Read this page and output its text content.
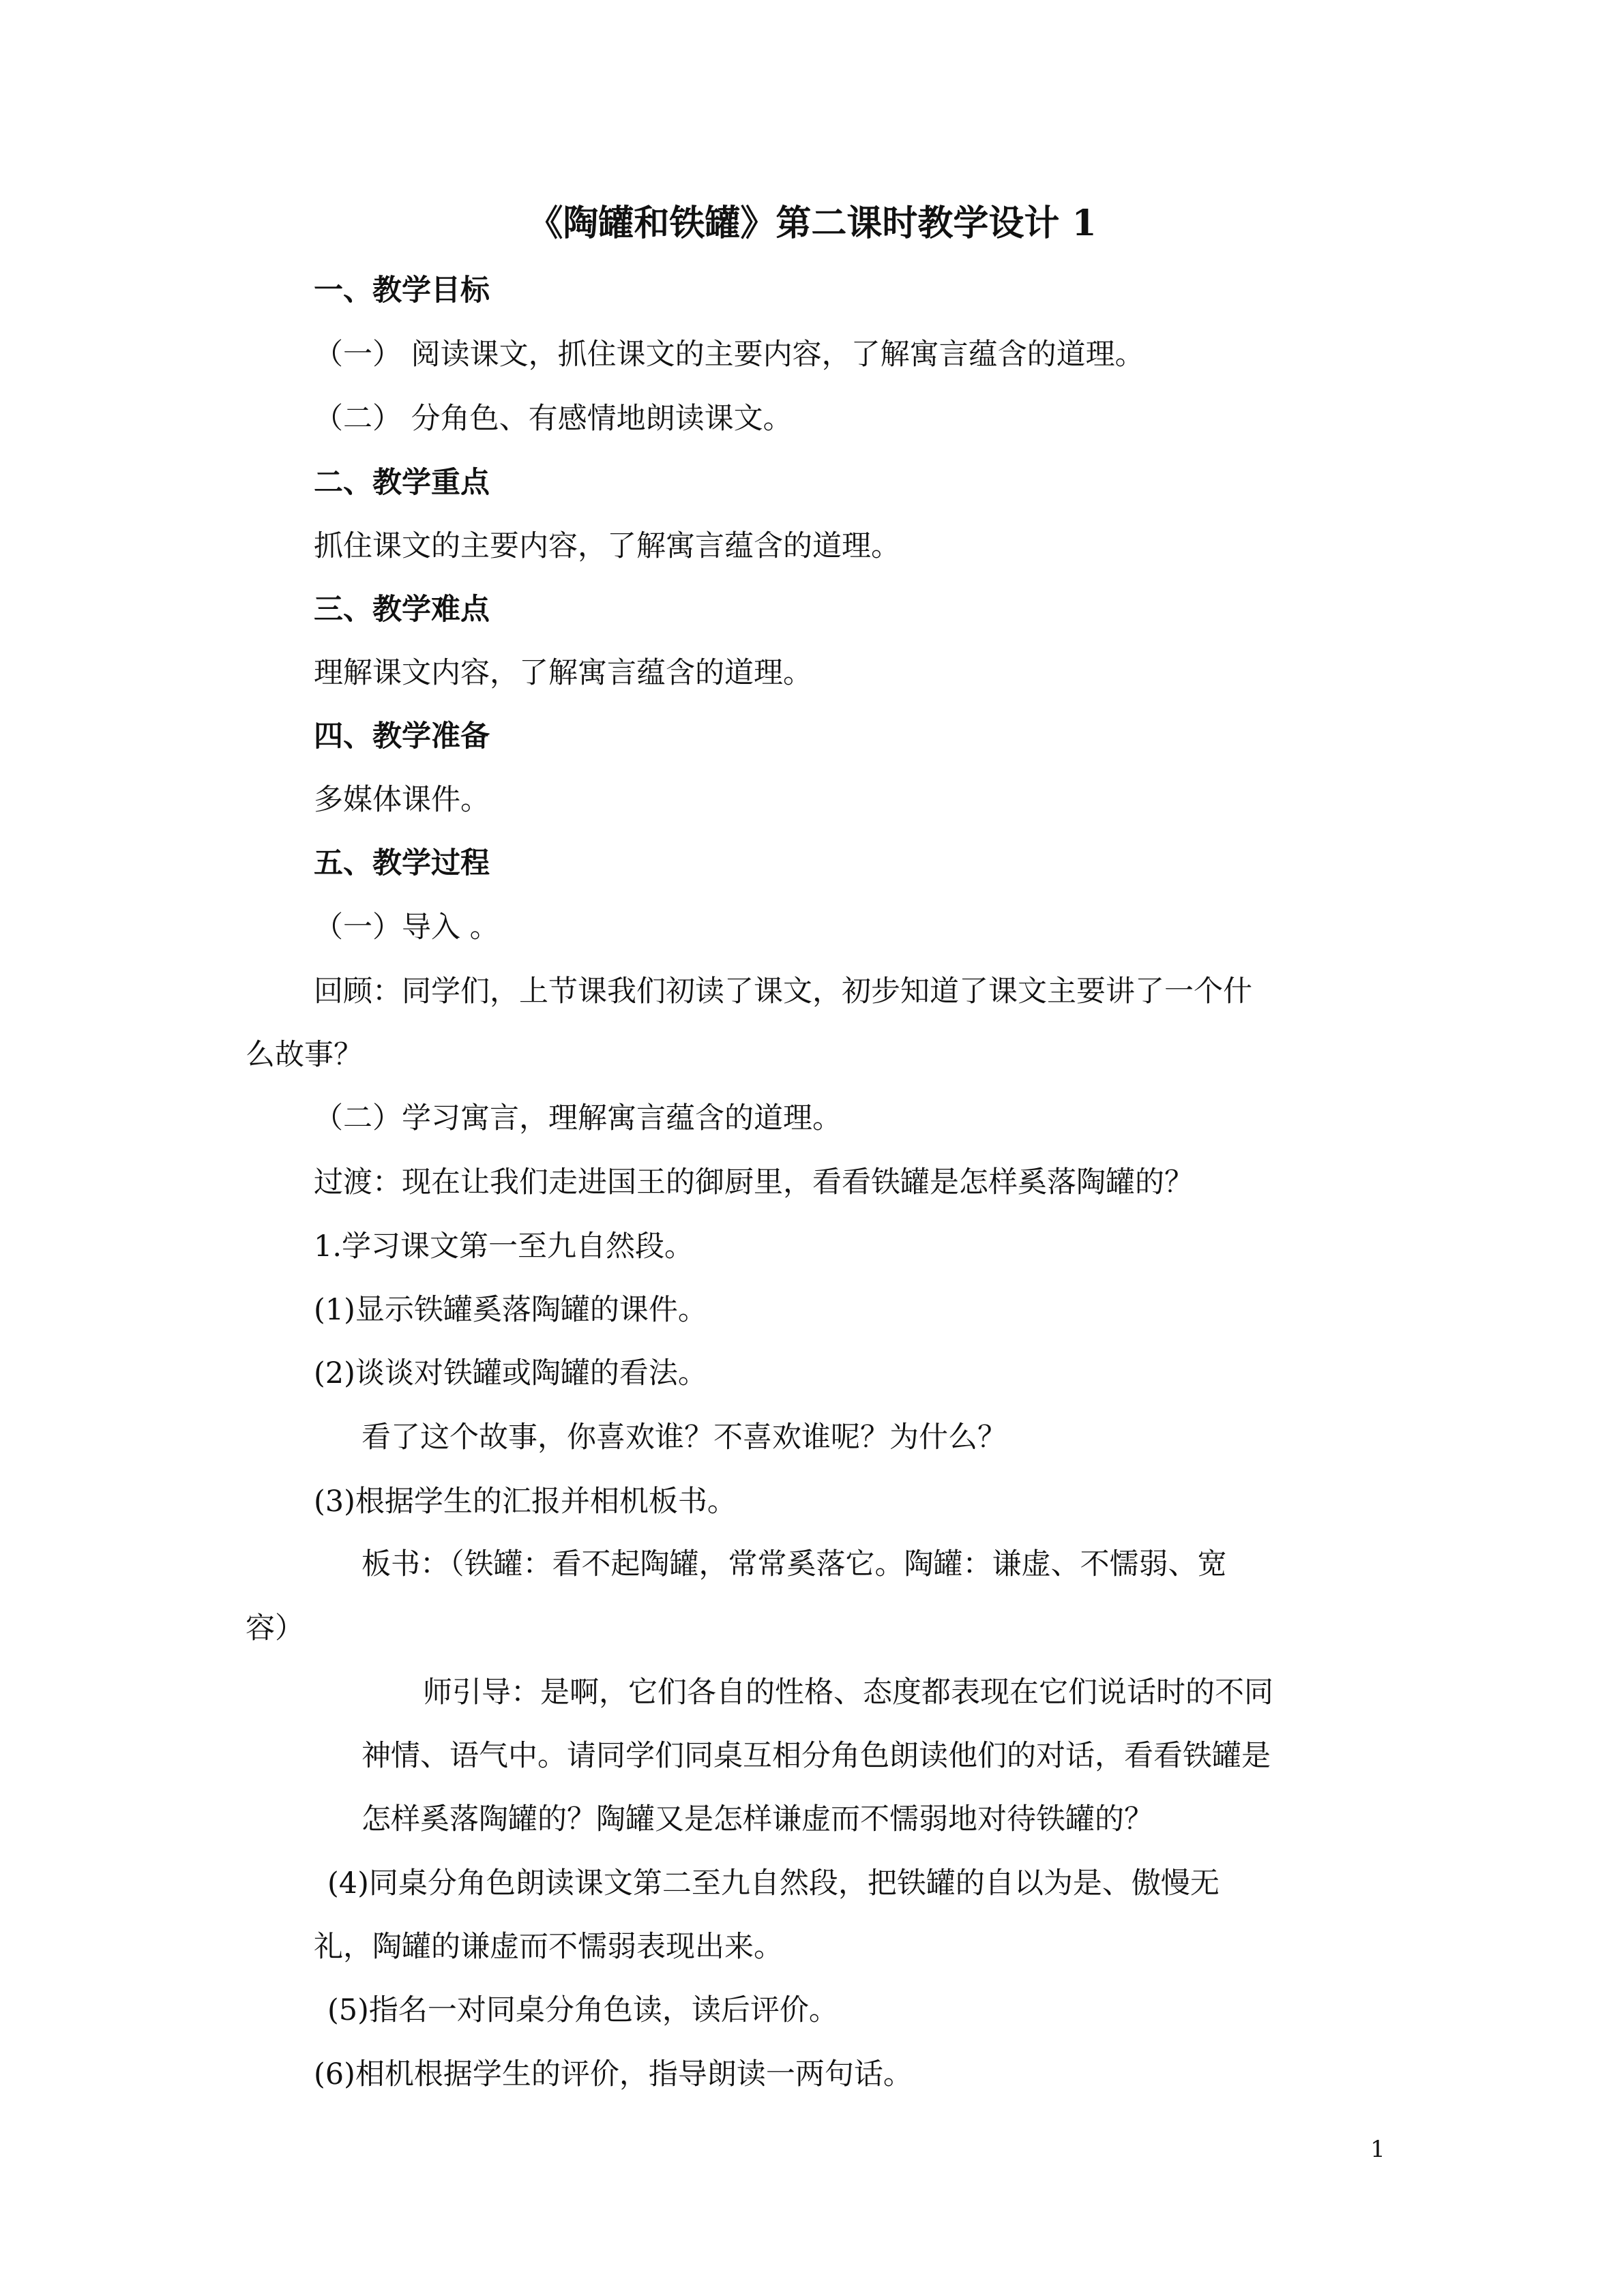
《陶罐和铁罐》第二课时教学设计 1

一、教学目标

（一） 阅读课文，抓住课文的主要内容，了解寓言蕴含的道理。

（二） 分角色、有感情地朗读课文。

二、教学重点

抓住课文的主要内容，了解寓言蕴含的道理。

三、教学难点

理解课文内容，了解寓言蕴含的道理。

四、教学准备

多媒体课件。

五、教学过程

（一）导入 。

回顾：同学们，上节课我们初读了课文，初步知道了课文主要讲了一个什

么故事？

（二）学习寓言，理解寓言蕴含的道理。

过渡：现在让我们走进国王的御厨里，看看铁罐是怎样奚落陶罐的？

1.学习课文第一至九自然段。

(1)显示铁罐奚落陶罐的课件。

(2)谈谈对铁罐或陶罐的看法。

看了这个故事，你喜欢谁？不喜欢谁呢？为什么？

(3)根据学生的汇报并相机板书。

板书：（铁罐：看不起陶罐，常常奚落它。陶罐：谦虚、不懦弱、宽

容）

师引导：是啊，它们各自的性格、态度都表现在它们说话时的不同

神情、语气中。请同学们同桌互相分角色朗读他们的对话，看看铁罐是

怎样奚落陶罐的？陶罐又是怎样谦虚而不懦弱地对待铁罐的？

(4)同桌分角色朗读课文第二至九自然段，把铁罐的自以为是、傲慢无

礼，陶罐的谦虚而不懦弱表现出来。

(5)指名一对同桌分角色读，读后评价。

(6)相机根据学生的评价，指导朗读一两句话。

1
